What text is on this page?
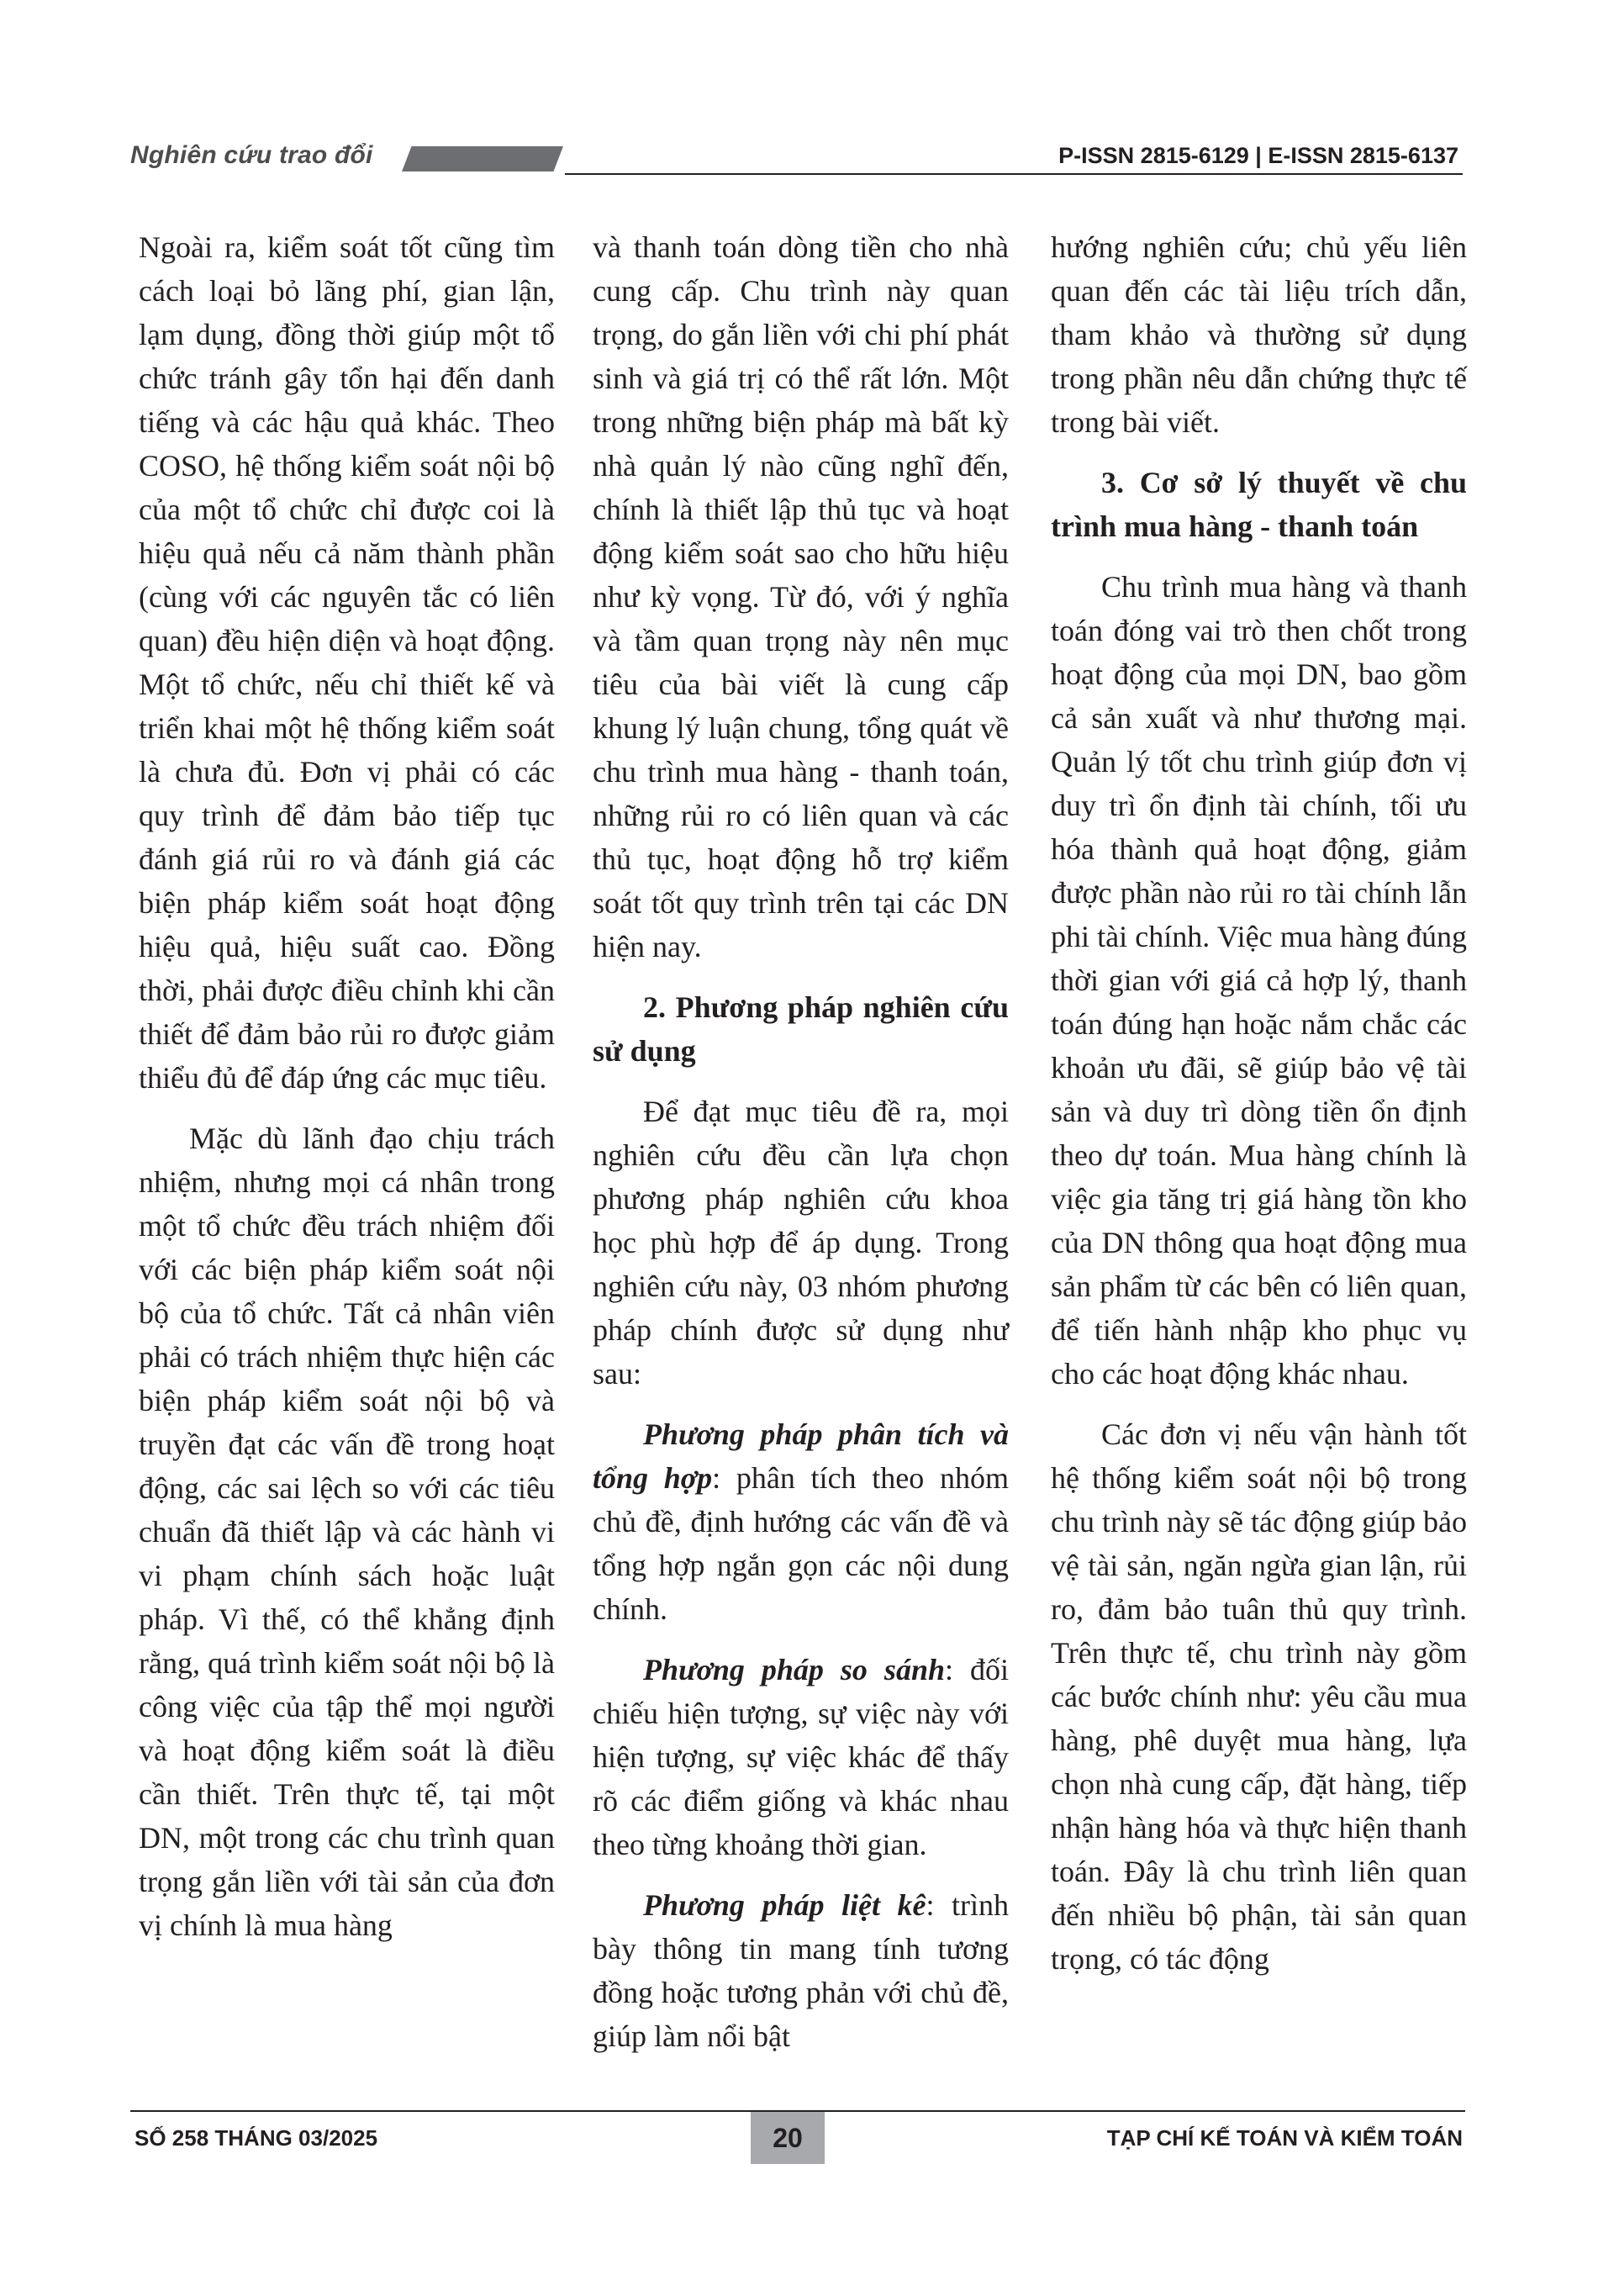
Nghiên cứu trao đổi	P-ISSN 2815-6129 | E-ISSN 2815-6137

Ngoài ra, kiểm soát tốt cũng tìm cách loại bỏ lãng phí, gian lận, lạm dụng, đồng thời giúp một tổ chức tránh gây tổn hại đến danh tiếng và các hậu quả khác. Theo COSO, hệ thống kiểm soát nội bộ của một tổ chức chỉ được coi là hiệu quả nếu cả năm thành phần (cùng với các nguyên tắc có liên quan) đều hiện diện và hoạt động. Một tổ chức, nếu chỉ thiết kế và triển khai một hệ thống kiểm soát là chưa đủ. Đơn vị phải có các quy trình để đảm bảo tiếp tục đánh giá rủi ro và đánh giá các biện pháp kiểm soát hoạt động hiệu quả, hiệu suất cao. Đồng thời, phải được điều chỉnh khi cần thiết để đảm bảo rủi ro được giảm thiểu đủ để đáp ứng các mục tiêu.

Mặc dù lãnh đạo chịu trách nhiệm, nhưng mọi cá nhân trong một tổ chức đều trách nhiệm đối với các biện pháp kiểm soát nội bộ của tổ chức. Tất cả nhân viên phải có trách nhiệm thực hiện các biện pháp kiểm soát nội bộ và truyền đạt các vấn đề trong hoạt động, các sai lệch so với các tiêu chuẩn đã thiết lập và các hành vi vi phạm chính sách hoặc luật pháp. Vì thế, có thể khẳng định rằng, quá trình kiểm soát nội bộ là công việc của tập thể mọi người và hoạt động kiểm soát là điều cần thiết. Trên thực tế, tại một DN, một trong các chu trình quan trọng gắn liền với tài sản của đơn vị chính là mua hàng

và thanh toán dòng tiền cho nhà cung cấp. Chu trình này quan trọng, do gắn liền với chi phí phát sinh và giá trị có thể rất lớn. Một trong những biện pháp mà bất kỳ nhà quản lý nào cũng nghĩ đến, chính là thiết lập thủ tục và hoạt động kiểm soát sao cho hữu hiệu như kỳ vọng. Từ đó, với ý nghĩa và tầm quan trọng này nên mục tiêu của bài viết là cung cấp khung lý luận chung, tổng quát về chu trình mua hàng - thanh toán, những rủi ro có liên quan và các thủ tục, hoạt động hỗ trợ kiểm soát tốt quy trình trên tại các DN hiện nay.

2. Phương pháp nghiên cứu sử dụng

Để đạt mục tiêu đề ra, mọi nghiên cứu đều cần lựa chọn phương pháp nghiên cứu khoa học phù hợp để áp dụng. Trong nghiên cứu này, 03 nhóm phương pháp chính được sử dụng như sau:

Phương pháp phân tích và tổng hợp: phân tích theo nhóm chủ đề, định hướng các vấn đề và tổng hợp ngắn gọn các nội dung chính.

Phương pháp so sánh: đối chiếu hiện tượng, sự việc này với hiện tượng, sự việc khác để thấy rõ các điểm giống và khác nhau theo từng khoảng thời gian.

Phương pháp liệt kê: trình bày thông tin mang tính tương đồng hoặc tương phản với chủ đề, giúp làm nổi bật

hướng nghiên cứu; chủ yếu liên quan đến các tài liệu trích dẫn, tham khảo và thường sử dụng trong phần nêu dẫn chứng thực tế trong bài viết.

3. Cơ sở lý thuyết về chu trình mua hàng - thanh toán

Chu trình mua hàng và thanh toán đóng vai trò then chốt trong hoạt động của mọi DN, bao gồm cả sản xuất và như thương mại. Quản lý tốt chu trình giúp đơn vị duy trì ổn định tài chính, tối ưu hóa thành quả hoạt động, giảm được phần nào rủi ro tài chính lẫn phi tài chính. Việc mua hàng đúng thời gian với giá cả hợp lý, thanh toán đúng hạn hoặc nắm chắc các khoản ưu đãi, sẽ giúp bảo vệ tài sản và duy trì dòng tiền ổn định theo dự toán. Mua hàng chính là việc gia tăng trị giá hàng tồn kho của DN thông qua hoạt động mua sản phẩm từ các bên có liên quan, để tiến hành nhập kho phục vụ cho các hoạt động khác nhau.

Các đơn vị nếu vận hành tốt hệ thống kiểm soát nội bộ trong chu trình này sẽ tác động giúp bảo vệ tài sản, ngăn ngừa gian lận, rủi ro, đảm bảo tuân thủ quy trình. Trên thực tế, chu trình này gồm các bước chính như: yêu cầu mua hàng, phê duyệt mua hàng, lựa chọn nhà cung cấp, đặt hàng, tiếp nhận hàng hóa và thực hiện thanh toán. Đây là chu trình liên quan đến nhiều bộ phận, tài sản quan trọng, có tác động

SỐ 258 THÁNG 03/2025	20	TẠP CHÍ KẾ TOÁN VÀ KIỂM TOÁN
